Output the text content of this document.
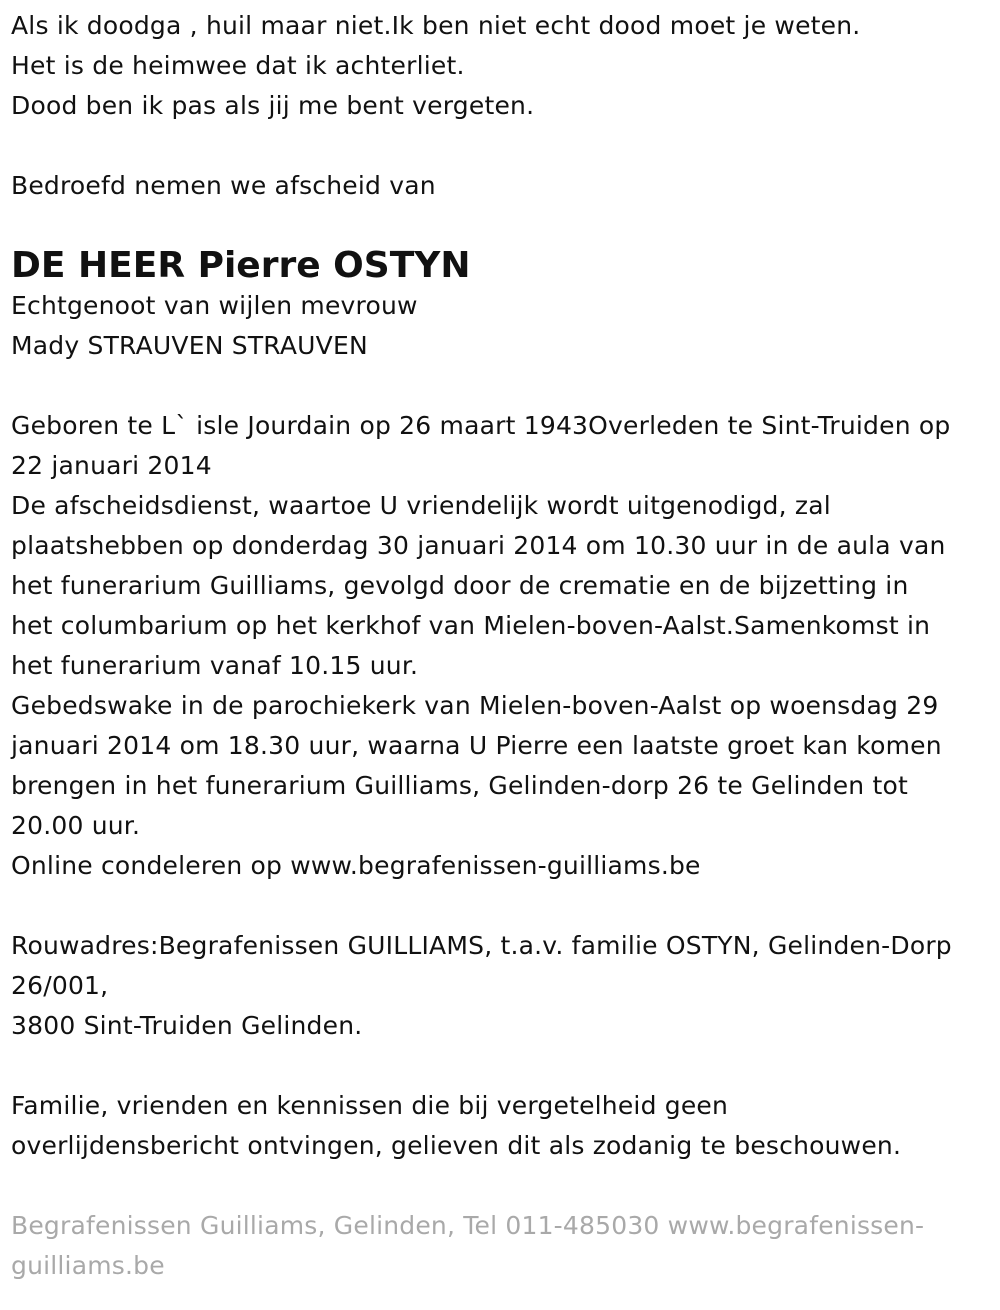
Als ik doodga , huil maar niet.Ik ben niet echt dood moet je weten.
Het is de heimwee dat ik achterliet.
Dood ben ik pas als jij me bent vergeten.
Bedroefd nemen we afscheid van
DE HEER Pierre OSTYN
Echtgenoot van wijlen mevrouw
Mady STRAUVEN STRAUVEN
Geboren te L` isle Jourdain op 26 maart 1943Overleden te Sint-Truiden op
22 januari 2014
De afscheidsdienst, waartoe U vriendelijk wordt uitgenodigd, zal
plaatshebben op donderdag 30 januari 2014 om 10.30 uur in de aula van
het funerarium Guilliams, gevolgd door de crematie en de bijzetting in
het columbarium op het kerkhof van Mielen-boven-Aalst.Samenkomst in
het funerarium vanaf 10.15 uur.
Gebedswake in de parochiekerk van Mielen-boven-Aalst op woensdag 29
januari 2014 om 18.30 uur, waarna U Pierre een laatste groet kan komen
brengen in het funerarium Guilliams, Gelinden-dorp 26 te Gelinden tot
20.00 uur.
Online condeleren op www.begrafenissen-guilliams.be
Rouwadres:Begrafenissen GUILLIAMS, t.a.v. familie OSTYN, Gelinden-Dorp
26/001,
3800 Sint-Truiden Gelinden.
Familie, vrienden en kennissen die bij vergetelheid geen
overlijdensbericht ontvingen, gelieven dit als zodanig te beschouwen.
Begrafenissen Guilliams, Gelinden, Tel 011-485030 www.begrafenissen-
guilliams.be
